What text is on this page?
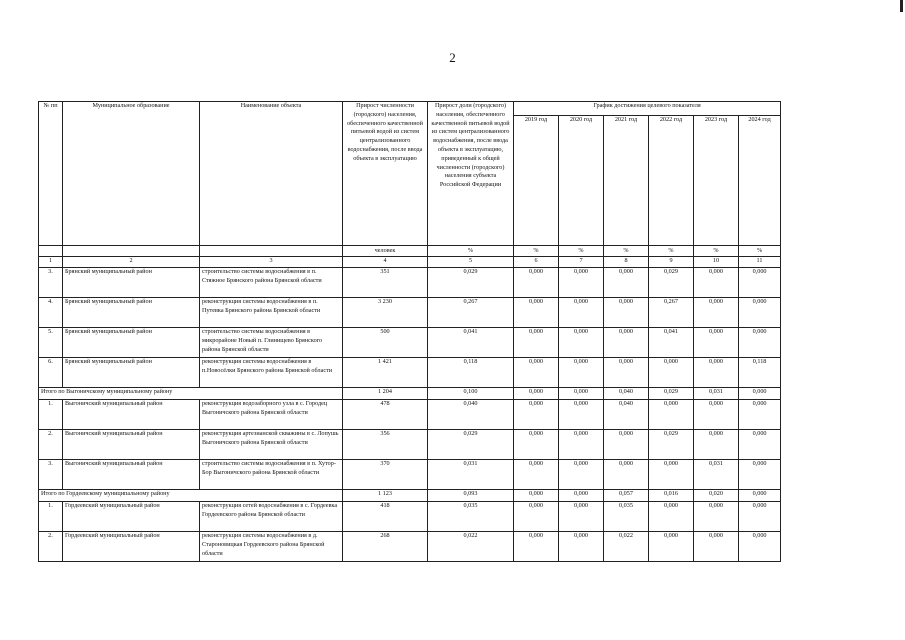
2
№ пп	Муниципальное образование	Наименование объекта	Прирост численности (городского) населения, обеспеченного качественной питьевой водой из систем централизованного водоснабжения, после ввода объекта в эксплуатацию	Прирост доли (городского) населения, обеспеченного качественной питьевой водой из систем централизованного водоснабжения, после ввода объекта в эксплуатацию, приведенный к общей численности (городского) населения субъекта Российской Федерации	График достижения целевого показателя					
					2019 год	2020 год	2021 год	2022 год	2023 год	2024 год
			человек	%	%	%	%	%	%	%
1	2	3	4	5	6	7	8	9	10	11
3.	Брянский муниципальный район	строительство системы водоснабжения в п. Стяжное Брянского района Брянской области	351	0,029	0,000	0,000	0,000	0,029	0,000	0,000
4.	Брянский муниципальный район	реконструкция системы водоснабжения в п. Путевка Брянского района Брянской области	3 230	0,267	0,000	0,000	0,000	0,267	0,000	0,000
5.	Брянский муниципальный район	строительство системы водоснабжения в микрорайоне Новый п. Глинищево Брянского района Брянской области	500	0,041	0,000	0,000	0,000	0,041	0,000	0,000
6.	Брянский муниципальный район	реконструкция системы водоснабжения в п.Новосёлки Брянского района Брянской области	1 421	0,118	0,000	0,000	0,000	0,000	0,000	0,118
Итого по Выгоничскому муниципальному району			1 204	0,100	0,000	0,000	0,040	0,029	0,031	0,000
1.	Выгоничский муниципальный район	реконструкция водозаборного узла в с. Городец Выгоничского района Брянской области	478	0,040	0,000	0,000	0,040	0,000	0,000	0,000
2.	Выгоничский муниципальный район	реконструкция артезианской скважины в с. Лопушь Выгоничского района Брянской области	356	0,029	0,000	0,000	0,000	0,029	0,000	0,000
3.	Выгоничский муниципальный район	строительство системы водоснабжения в п. Хутор-Бор Выгоничского района Брянской области	370	0,031	0,000	0,000	0,000	0,000	0,031	0,000
Итого по Гордеевскому муниципальному району			1 123	0,093	0,000	0,000	0,057	0,016	0,020	0,000
1.	Гордеевский муниципальный район	реконструкция сетей водоснабжения в с. Гордеевка Гордеевского района Брянской области	418	0,035	0,000	0,000	0,035	0,000	0,000	0,000
2.	Гордеевский муниципальный район	реконструкция системы водоснабжения в д. Староновицкая Гордеевского района Брянской области	268	0,022	0,000	0,000	0,022	0,000	0,000	0,000
